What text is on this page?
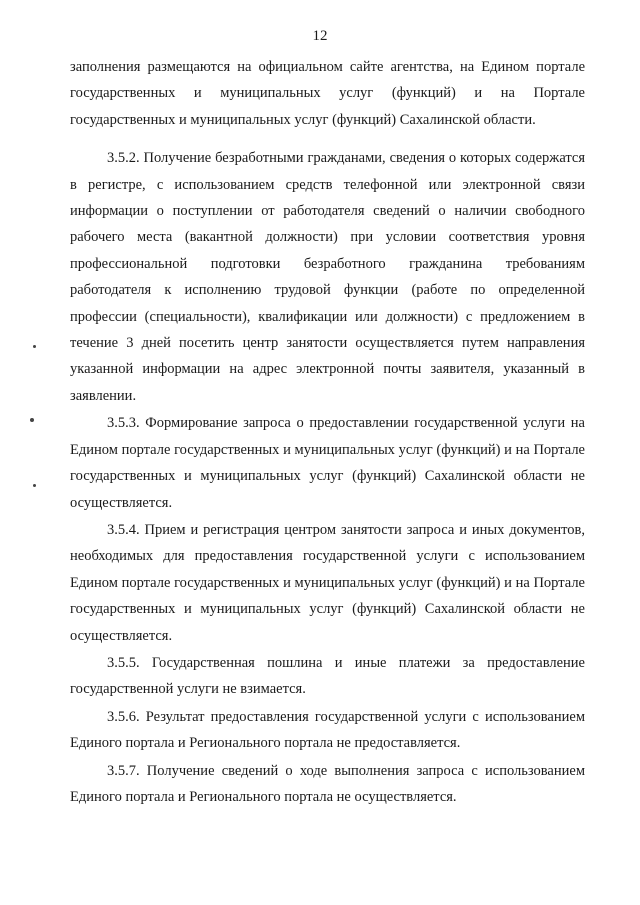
12

заполнения размещаются на официальном сайте агентства, на Едином портале государственных и муниципальных услуг (функций) и на Портале государственных и муниципальных услуг (функций) Сахалинской области.

3.5.2. Получение безработными гражданами, сведения о которых содержатся в регистре, с использованием средств телефонной или электронной связи информации о поступлении от работодателя сведений о наличии свободного рабочего места (вакантной должности) при условии соответствия уровня профессиональной подготовки безработного гражданина требованиям работодателя к исполнению трудовой функции (работе по определенной профессии (специальности), квалификации или должности) с предложением в течение 3 дней посетить центр занятости осуществляется путем направления указанной информации на адрес электронной почты заявителя, указанный в заявлении.

3.5.3. Формирование запроса о предоставлении государственной услуги на Едином портале государственных и муниципальных услуг (функций) и на Портале государственных и муниципальных услуг (функций) Сахалинской области не осуществляется.

3.5.4. Прием и регистрация центром занятости запроса и иных документов, необходимых для предоставления государственной услуги с использованием Едином портале государственных и муниципальных услуг (функций) и на Портале государственных и муниципальных услуг (функций) Сахалинской области не осуществляется.

3.5.5. Государственная пошлина и иные платежи за предоставление государственной услуги не взимается.

3.5.6. Результат предоставления государственной услуги с использованием Единого портала и Регионального портала не предоставляется.

3.5.7. Получение сведений о ходе выполнения запроса с использованием Единого портала и Регионального портала не осуществляется.
